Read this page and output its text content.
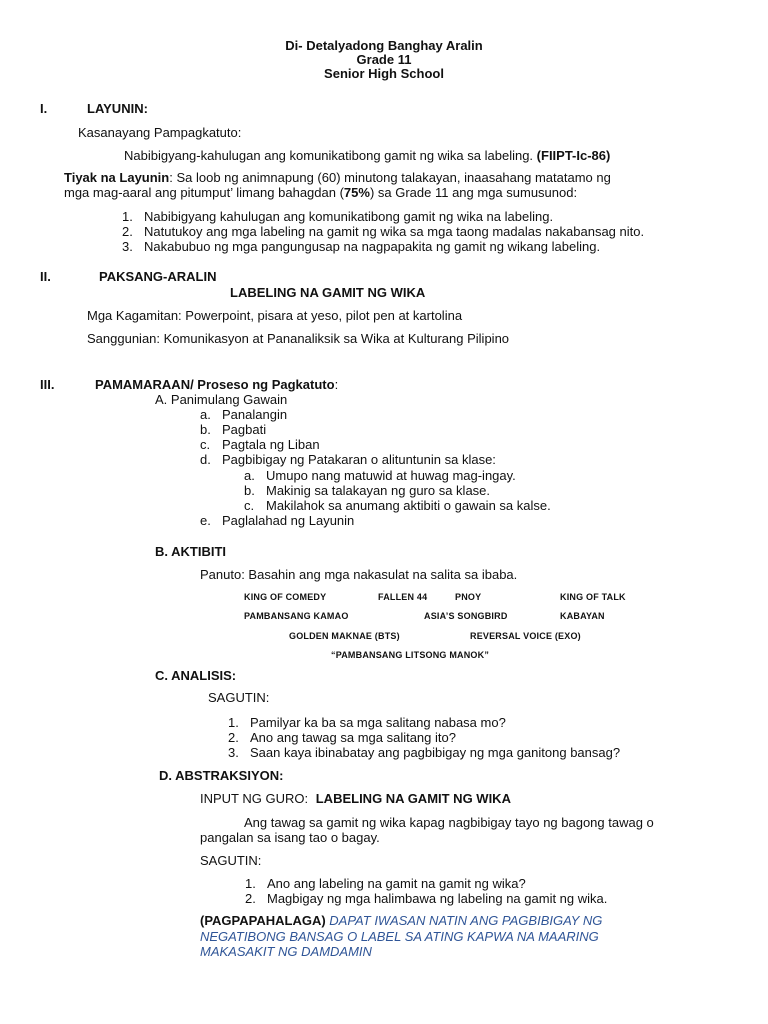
Di- Detalyadong Banghay Aralin
Grade 11
Senior High School
I.	LAYUNIN:
Kasanayang Pampagkatuto:
Nabibigyang-kahulugan ang komunikatibong gamit ng wika sa labeling. (FIIPT-Ic-86)
Tiyak na Layunin: Sa loob ng animnapung (60) minutong talakayan, inaasahang matatamo ng
mga mag-aaral ang pitumput’ limang bahagdan (75%) sa Grade 11 ang mga sumusunod:
1. Nabibigyang kahulugan ang komunikatibong gamit ng wika na labeling.
2. Natutukoy ang mga labeling na gamit ng wika sa mga taong madalas nakabansag nito.
3. Nakabubuo ng mga pangungusap na nagpapakita ng gamit ng wikang labeling.
II.	PAKSANG-ARALIN
LABELING NA GAMIT NG WIKA
Mga Kagamitan: Powerpoint, pisara at yeso, pilot pen at kartolina
Sanggunian: Komunikasyon at Pananaliksik sa Wika at Kulturang Pilipino
III.	PAMAMARAAN/ Proseso ng Pagkatuto:
A. Panimulang Gawain
a. Panalangin
b. Pagbati
c. Pagtala ng Liban
d. Pagbibigay ng Patakaran o alituntunin sa klase:
a. Umupo nang matuwid at huwag mag-ingay.
b. Makinig sa talakayan ng guro sa klase.
c. Makilahok sa anumang aktibiti o gawain sa kalse.
e. Paglalahad ng Layunin
B. AKTIBITI
Panuto: Basahin ang mga nakasulat na salita sa ibaba.
KING OF COMEDY	FALLEN 44	PNOY	KING OF TALK
PAMBANSANG KAMAO	ASIA’S SONGBIRD	KABAYAN
GOLDEN MAKNAE (BTS)	REVERSAL VOICE (EXO)
“PAMBANSANG LITSONG MANOK”
C. ANALISIS:
SAGUTIN:
1. Pamilyar ka ba sa mga salitang nabasa mo?
2. Ano ang tawag sa mga salitang ito?
3. Saan kaya ibinabatay ang pagbibigay ng mga ganitong bansag?
D. ABSTRAKSIYON:
INPUT NG GURO: LABELING NA GAMIT NG WIKA
Ang tawag sa gamit ng wika kapag nagbibigay tayo ng bagong tawag o
pangalan sa isang tao o bagay.
SAGUTIN:
1. Ano ang labeling na gamit na gamit ng wika?
2. Magbigay ng mga halimbawa ng labeling na gamit ng wika.
(PAGPAPAHALAGA) DAPAT IWASAN NATIN ANG PAGBIBIGAY NG
NEGATIBONG BANSAG O LABEL SA ATING KAPWA NA MAARING
MAKASAKIT NG DAMDAMIN
